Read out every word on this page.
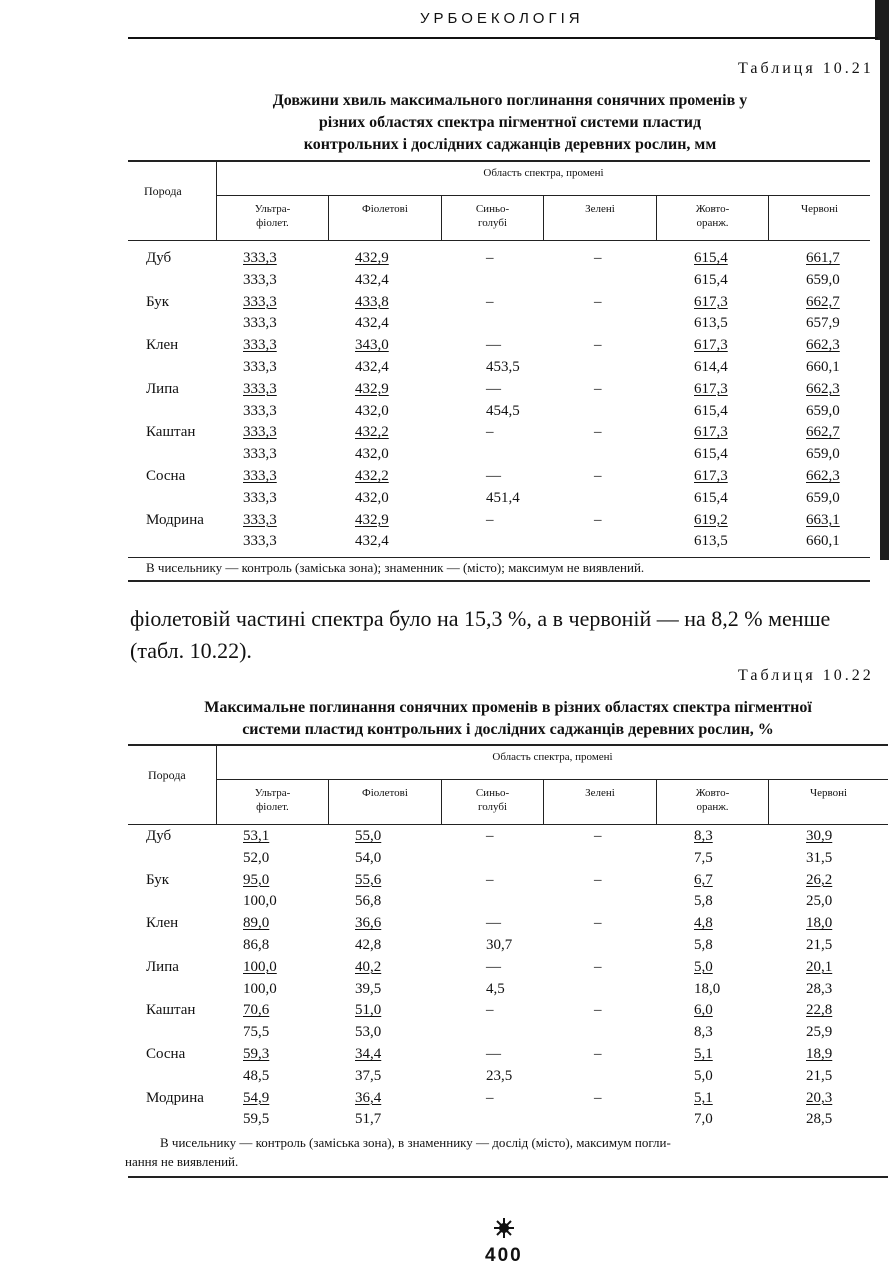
УРБОЕКОЛОГІЯ
Таблиця 10.21
Довжини хвиль максимального поглинання сонячних променів у
різних областях спектра пігментної системи пластид
контрольних і дослідних саджанців деревних рослин, мм
Порода
Область спектра, промені
Ультра-
фіолет.
Фіолетові	Синьо-
голубі
Зелені	Жовто-
оранж.
Червоні
Дуб	333,3	432,9	–	–	615,4	661,7
	333,3	432,4			615,4	659,0
Бук	333,3	433,8	–	–	617,3	662,7
	333,3	432,4			613,5	657,9
Клен	333,3	343,0	—	–	617,3	662,3
	333,3	432,4	453,5		614,4	660,1
Липа	333,3	432,9	—	–	617,3	662,3
	333,3	432,0	454,5		615,4	659,0
Каштан	333,3	432,2	–	–	617,3	662,7
	333,3	432,0			615,4	659,0
Сосна	333,3	432,2	—	–	617,3	662,3
	333,3	432,0	451,4		615,4	659,0
Модрина	333,3	432,9	–	–	619,2	663,1
	333,3	432,4			613,5	660,1
В чисельнику — контроль (заміська зона); знаменник — (місто); максимум не виявлений.
фіолетовій частині спектра було на 15,3 %, а в червоній — на 8,2 % менше
(табл. 10.22).
Таблиця 10.22
Максимальне поглинання сонячних променів в різних областях спектра пігментної
системи пластид контрольних і дослідних саджанців деревних рослин, %
Порода
Область спектра, промені
Ультра-
фіолет.
Фіолетові	Синьо-
голубі
Зелені	Жовто-
оранж.
Червоні
Дуб	53,1	55,0	–	–	8,3	30,9
	52,0	54,0			7,5	31,5
Бук	95,0	55,6	–	–	6,7	26,2
	100,0	56,8			5,8	25,0
Клен	89,0	36,6	—	–	4,8	18,0
	86,8	42,8	30,7		5,8	21,5
Липа	100,0	40,2	—	–	5,0	20,1
	100,0	39,5	4,5		18,0	28,3
Каштан	70,6	51,0	–	–	6,0	22,8
	75,5	53,0			8,3	25,9
Сосна	59,3	34,4	—	–	5,1	18,9
	48,5	37,5	23,5		5,0	21,5
Модрина	54,9	36,4	–	–	5,1	20,3
	59,5	51,7			7,0	28,5
В чисельнику — контроль (заміська зона), в знаменнику — дослід (місто), максимум погли-
нання не виявлений.
400
